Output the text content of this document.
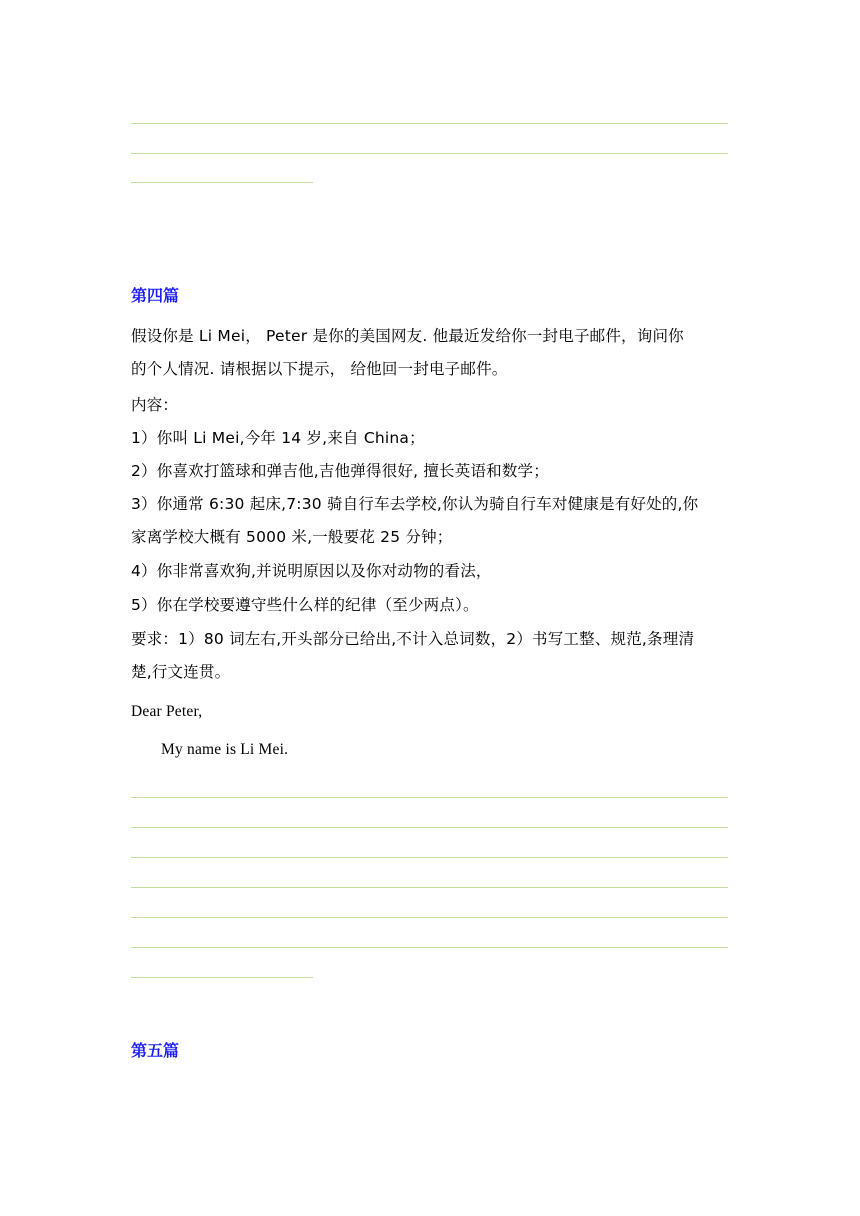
第四篇
假设你是 Li Mei， Peter 是你的美国网友. 他最近发给你一封电子邮件，询问你
的个人情况. 请根据以下提示， 给他回一封电子邮件。
内容：
1）你叫 Li Mei,今年 14 岁,来自 China；
2）你喜欢打篮球和弹吉他,吉他弹得很好, 擅长英语和数学；
3）你通常 6:30 起床,7:30 骑自行车去学校,你认为骑自行车对健康是有好处的,你
家离学校大概有 5000 米,一般要花 25 分钟；
4）你非常喜欢狗,并说明原因以及你对动物的看法，
5）你在学校要遵守些什么样的纪律（至少两点）。
要求：1）80 词左右,开头部分已给出,不计入总词数，2）书写工整、规范,条理清
楚,行文连贯。
Dear Peter,
My name is Li Mei.
第五篇
